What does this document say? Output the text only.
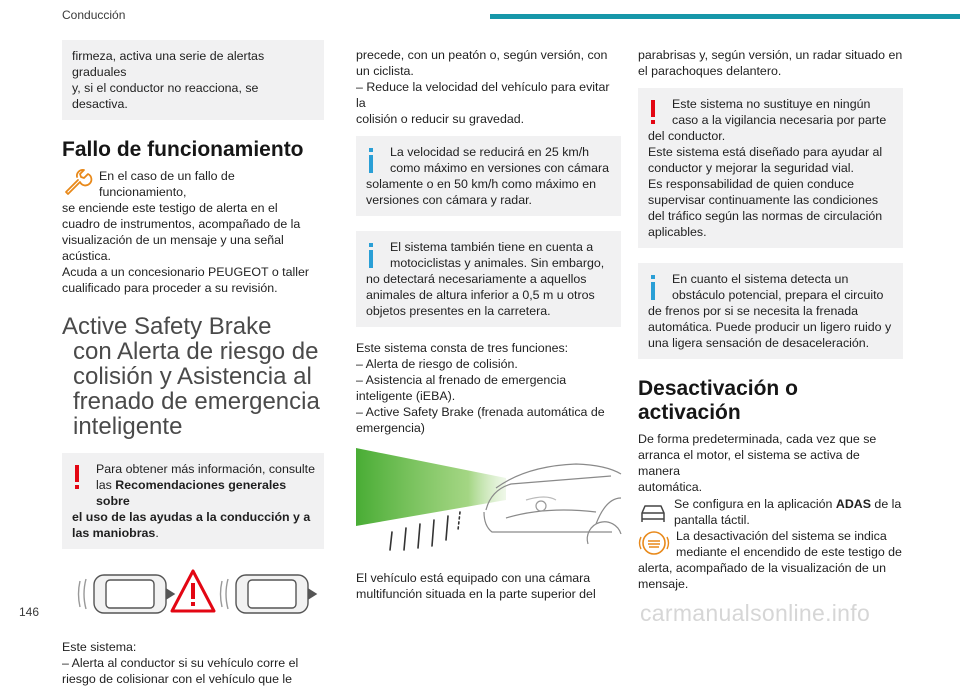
Conducción
firmeza, activa una serie de alertas graduales
y, si el conductor no reacciona, se desactiva.
Fallo de funcionamiento
En el caso de un fallo de funcionamiento,
se enciende este testigo de alerta en el
cuadro de instrumentos, acompañado de la
visualización de un mensaje y una señal
acústica.
Acuda a un concesionario PEUGEOT o taller
cualificado para proceder a su revisión.
Active Safety Brake
con Alerta de riesgo de
colisión y Asistencia al
frenado de emergencia
inteligente
Para obtener más información, consulte
las Recomendaciones generales sobre
el uso de las ayudas a la conducción y a
las maniobras.
Este sistema:
– Alerta al conductor si su vehículo corre el
riesgo de colisionar con el vehículo que le
precede, con un peatón o, según versión, con
un ciclista.
– Reduce la velocidad del vehículo para evitar la
colisión o reducir su gravedad.
La velocidad se reducirá en 25 km/h
como máximo en versiones con cámara
solamente o en 50 km/h como máximo en
versiones con cámara y radar.
El sistema también tiene en cuenta a
motociclistas y animales. Sin embargo,
no detectará necesariamente a aquellos
animales de altura inferior a 0,5 m u otros
objetos presentes en la carretera.
Este sistema consta de tres funciones:
– Alerta de riesgo de colisión.
– Asistencia al frenado de emergencia
inteligente (iEBA).
– Active Safety Brake (frenada automática de
emergencia)
El vehículo está equipado con una cámara
multifunción situada en la parte superior del
parabrisas y, según versión, un radar situado en
el parachoques delantero.
Este sistema no sustituye en ningún
caso a la vigilancia necesaria por parte
del conductor.
Este sistema está diseñado para ayudar al
conductor y mejorar la seguridad vial.
Es responsabilidad de quien conduce
supervisar continuamente las condiciones
del tráfico según las normas de circulación
aplicables.
En cuanto el sistema detecta un
obstáculo potencial, prepara el circuito
de frenos por si se necesita la frenada
automática. Puede producir un ligero ruido y
una ligera sensación de desaceleración.
Desactivación o activación
De forma predeterminada, cada vez que se
arranca el motor, el sistema se activa de manera
automática.
Se configura en la aplicación ADAS de la
pantalla táctil.
La desactivación del sistema se indica
mediante el encendido de este testigo de
alerta, acompañado de la visualización de un
mensaje.
146	carmanualsonline.info
